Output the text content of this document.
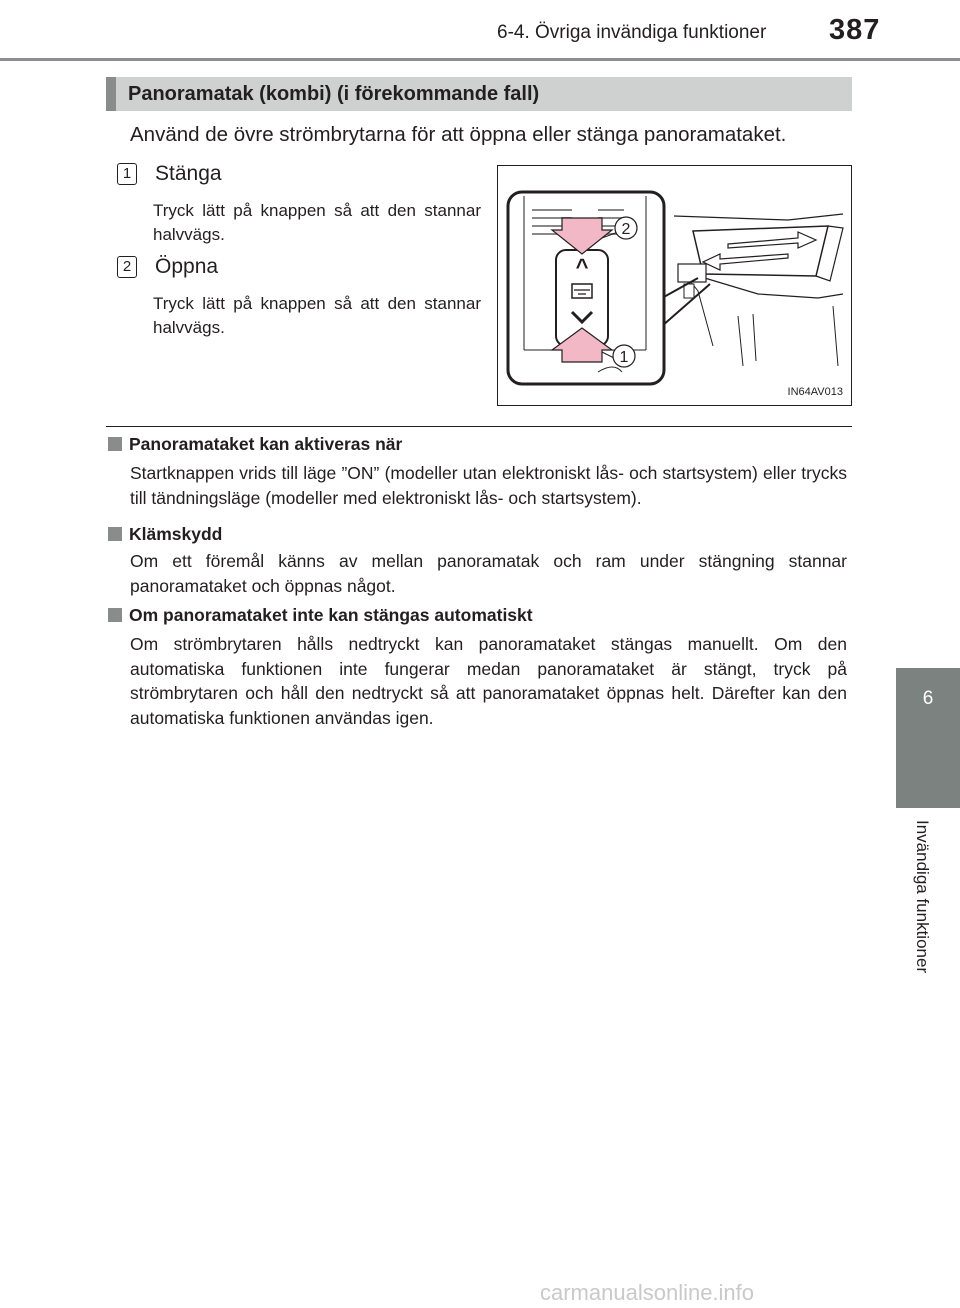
6-4. Övriga invändiga funktioner 387
6
Invändiga funktioner
Panoramatak (kombi) (i förekommande fall)
Använd de övre strömbrytarna för att öppna eller stänga panoramataket.
1 Stänga
Tryck lätt på knappen så att den stannar halvvägs.
2 Öppna
Tryck lätt på knappen så att den stannar halvvägs.
^
2
1
IN64AV013
Panoramataket kan aktiveras när
Startknappen vrids till läge ”ON” (modeller utan elektroniskt lås- och startsystem) eller trycks till tändningsläge (modeller med elektroniskt lås- och startsystem).
Klämskydd
Om ett föremål känns av mellan panoramatak och ram under stängning stannar panoramataket och öppnas något.
Om panoramataket inte kan stängas automatiskt
Om strömbrytaren hålls nedtryckt kan panoramataket stängas manuellt. Om den automatiska funktionen inte fungerar medan panoramataket är stängt, tryck på strömbrytaren och håll den nedtryckt så att panoramataket öppnas helt. Därefter kan den automatiska funktionen användas igen.
carmanualsonline.info
